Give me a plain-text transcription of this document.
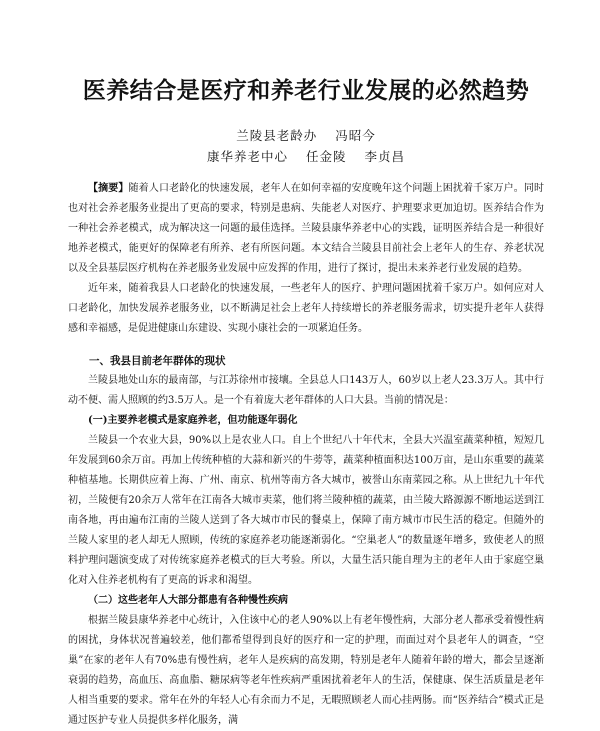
医养结合是医疗和养老行业发展的必然趋势
兰陵县老龄办 冯昭今
康华养老中心 任金陵 李贞昌
【摘要】随着人口老龄化的快速发展，老年人在如何幸福的安度晚年这个问题上困扰着千家万户。同时也对社会养老服务业提出了更高的要求，特别是患病、失能老人对医疗、护理要求更加迫切。医养结合作为一种社会养老模式，成为解决这一问题的最佳选择。兰陵县康华养老中心的实践，证明医养结合是一种很好地养老模式，能更好的保障老有所养、老有所医问题。本文结合兰陵县目前社会上老年人的生存、养老状况以及全县基层医疗机构在养老服务业发展中应发挥的作用，进行了探讨，提出未来养老行业发展的趋势。

近年来，随着我县人口老龄化的快速发展，一些老年人的医疗、护理问题困扰着千家万户。如何应对人口老龄化，加快发展养老服务业，以不断满足社会上老年人持续增长的养老服务需求，切实提升老年人获得感和幸福感，是促进健康山东建设、实现小康社会的一项紧迫任务。

一、我县目前老年群体的现状

兰陵县地处山东的最南部，与江苏徐州市接壤。全县总人口143万人，60岁以上老人23.3万人。其中行动不便、需人照顾的约3.5万人。是一个有着庞大老年群体的人口大县。当前的情况是：

(一)主要养老模式是家庭养老，但功能逐年弱化

兰陵县一个农业大县，90%以上是农业人口。自上个世纪八十年代末，全县大兴温室蔬菜种植，短短几年发展到60余万亩。再加上传统种植的大蒜和新兴的牛蒡等，蔬菜种植面积达100万亩，是山东重要的蔬菜种植基地。长期供应着上海、广州、南京、杭州等南方各大城市，被誉山东南菜园之称。从上世纪九十年代初，兰陵便有20余万人常年在江南各大城市卖菜，他们将兰陵种植的蔬菜，由兰陵大路源源不断地运送到江南各地，再由遍布江南的兰陵人送到了各大城市市民的餐桌上，保障了南方城市市民生活的稳定。但随外的兰陵人家里的老人却无人照顾，传统的家庭养老功能逐渐弱化。“空巢老人”的数量逐年增多，致使老人的照料护理问题演变成了对传统家庭养老模式的巨大考验。所以，大量生活只能自理为主的老年人由于家庭空巢化对入住养老机构有了更高的诉求和渴望。

（二）这些老年人大部分都患有各种慢性疾病

根据兰陵县康华养老中心统计，入住该中心的老人90%以上有老年慢性病，大部分老人都承受着慢性病的困扰，身体状况普遍较差，他们都希望得到良好的医疗和一定的护理，而面过对个县老年人的调查，“空巢”在家的老年人有70%患有慢性病，老年人是疾病的高发期，特别是老年人随着年龄的增大，都会呈逐渐衰弱的趋势，高血压、高血脂、糖尿病等老年性疾病严重困扰着老年人的生活，保健康、保生活质量是老年人相当重要的要求。常年在外的年轻人心有余而力不足，无暇照顾老人而心挂两肠。而“医养结合”模式正是通过医护专业人员提供多样化服务，满
